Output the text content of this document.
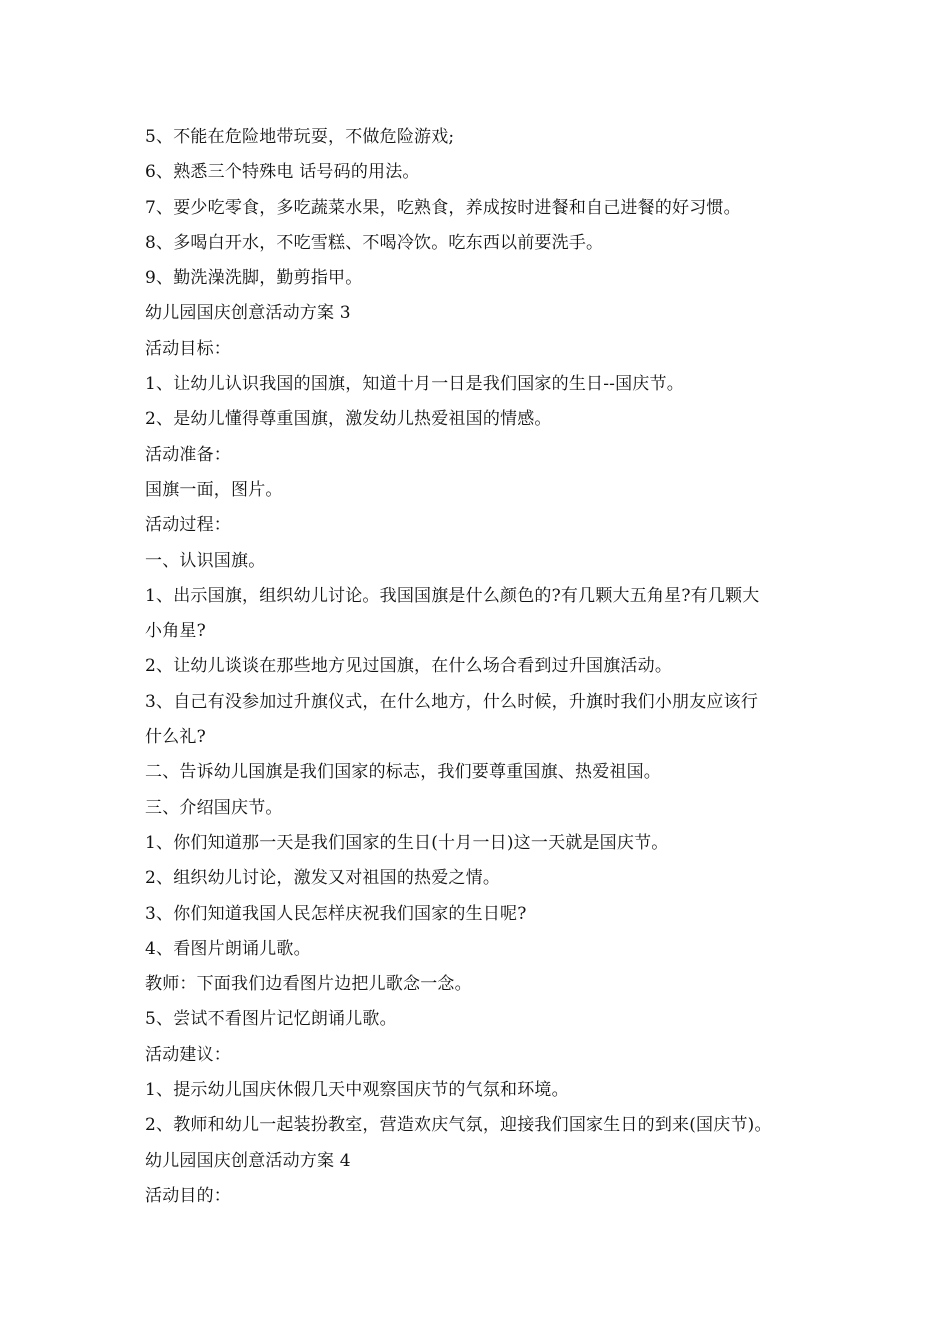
5、不能在危险地带玩耍，不做危险游戏;
6、熟悉三个特殊电 话号码的用法。
7、要少吃零食，多吃蔬菜水果，吃熟食，养成按时进餐和自己进餐的好习惯。
8、多喝白开水，不吃雪糕、不喝冷饮。吃东西以前要洗手。
9、勤洗澡洗脚，勤剪指甲。
幼儿园国庆创意活动方案 3
活动目标：
1、让幼儿认识我国的国旗，知道十月一日是我们国家的生日--国庆节。
2、是幼儿懂得尊重国旗，激发幼儿热爱祖国的情感。
活动准备：
国旗一面，图片。
活动过程：
一、认识国旗。
1、出示国旗，组织幼儿讨论。我国国旗是什么颜色的?有几颗大五角星?有几颗大
小角星?
2、让幼儿谈谈在那些地方见过国旗，在什么场合看到过升国旗活动。
3、自己有没参加过升旗仪式，在什么地方，什么时候，升旗时我们小朋友应该行
什么礼?
二、告诉幼儿国旗是我们国家的标志，我们要尊重国旗、热爱祖国。
三、介绍国庆节。
1、你们知道那一天是我们国家的生日(十月一日)这一天就是国庆节。
2、组织幼儿讨论，激发又对祖国的热爱之情。
3、你们知道我国人民怎样庆祝我们国家的生日呢?
4、看图片朗诵儿歌。
教师：下面我们边看图片边把儿歌念一念。
5、尝试不看图片记忆朗诵儿歌。
活动建议：
1、提示幼儿国庆休假几天中观察国庆节的气氛和环境。
2、教师和幼儿一起装扮教室，营造欢庆气氛，迎接我们国家生日的到来(国庆节)。
幼儿园国庆创意活动方案 4
活动目的：
